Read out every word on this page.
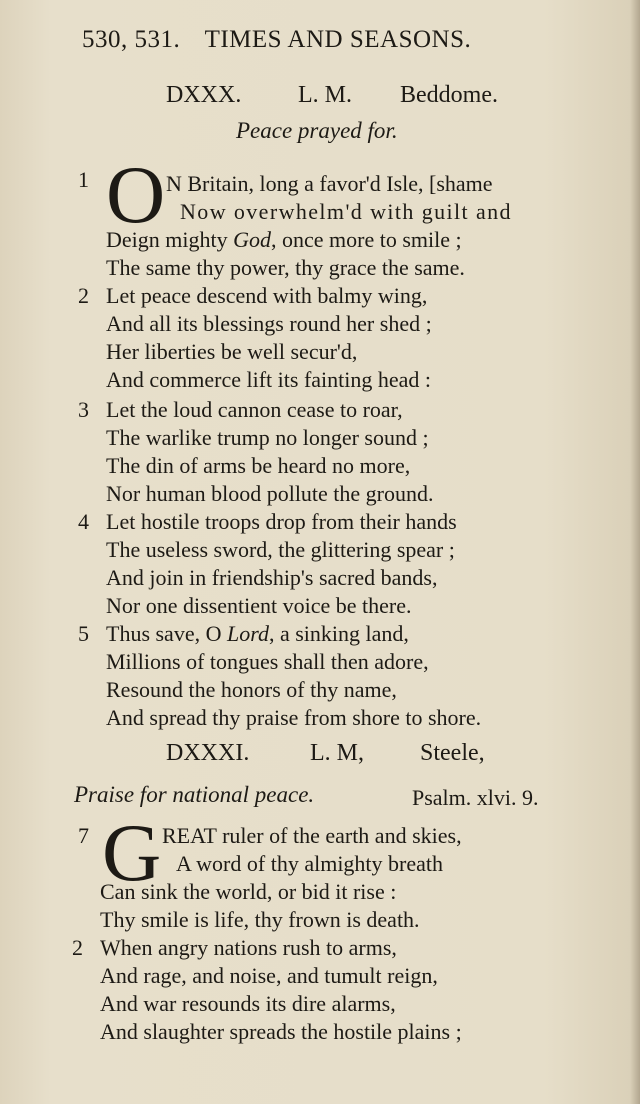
530, 531. TIMES AND SEASONS.
DXXX. L. M. Beddome.
Peace prayed for.
1 O N Britain, long a favor'd Isle, [shame
Now overwhelm'd with guilt and
Deign mighty God, once more to smile ;
The same thy power, thy grace the same.
2 Let peace descend with balmy wing,
And all its blessings round her shed ;
Her liberties be well secur'd,
And commerce lift its fainting head :
3 Let the loud cannon cease to roar,
The warlike trump no longer sound ;
The din of arms be heard no more,
Nor human blood pollute the ground.
4 Let hostile troops drop from their hands
The useless sword, the glittering spear ;
And join in friendship's sacred bands,
Nor one dissentient voice be there.
5 Thus save, O Lord, a sinking land,
Millions of tongues shall then adore,
Resound the honors of thy name,
And spread thy praise from shore to shore.
DXXXI.	L. M, Steele,
Praise for national peace.	Psalm. xlvi. 9.
7 G REAT ruler of the earth and skies,
A word of thy almighty breath
Can sink the world, or bid it rise :
Thy smile is life, thy frown is death.
2 When angry nations rush to arms,
And rage, and noise, and tumult reign,
And war resounds its dire alarms,
And slaughter spreads the hostile plains ;
